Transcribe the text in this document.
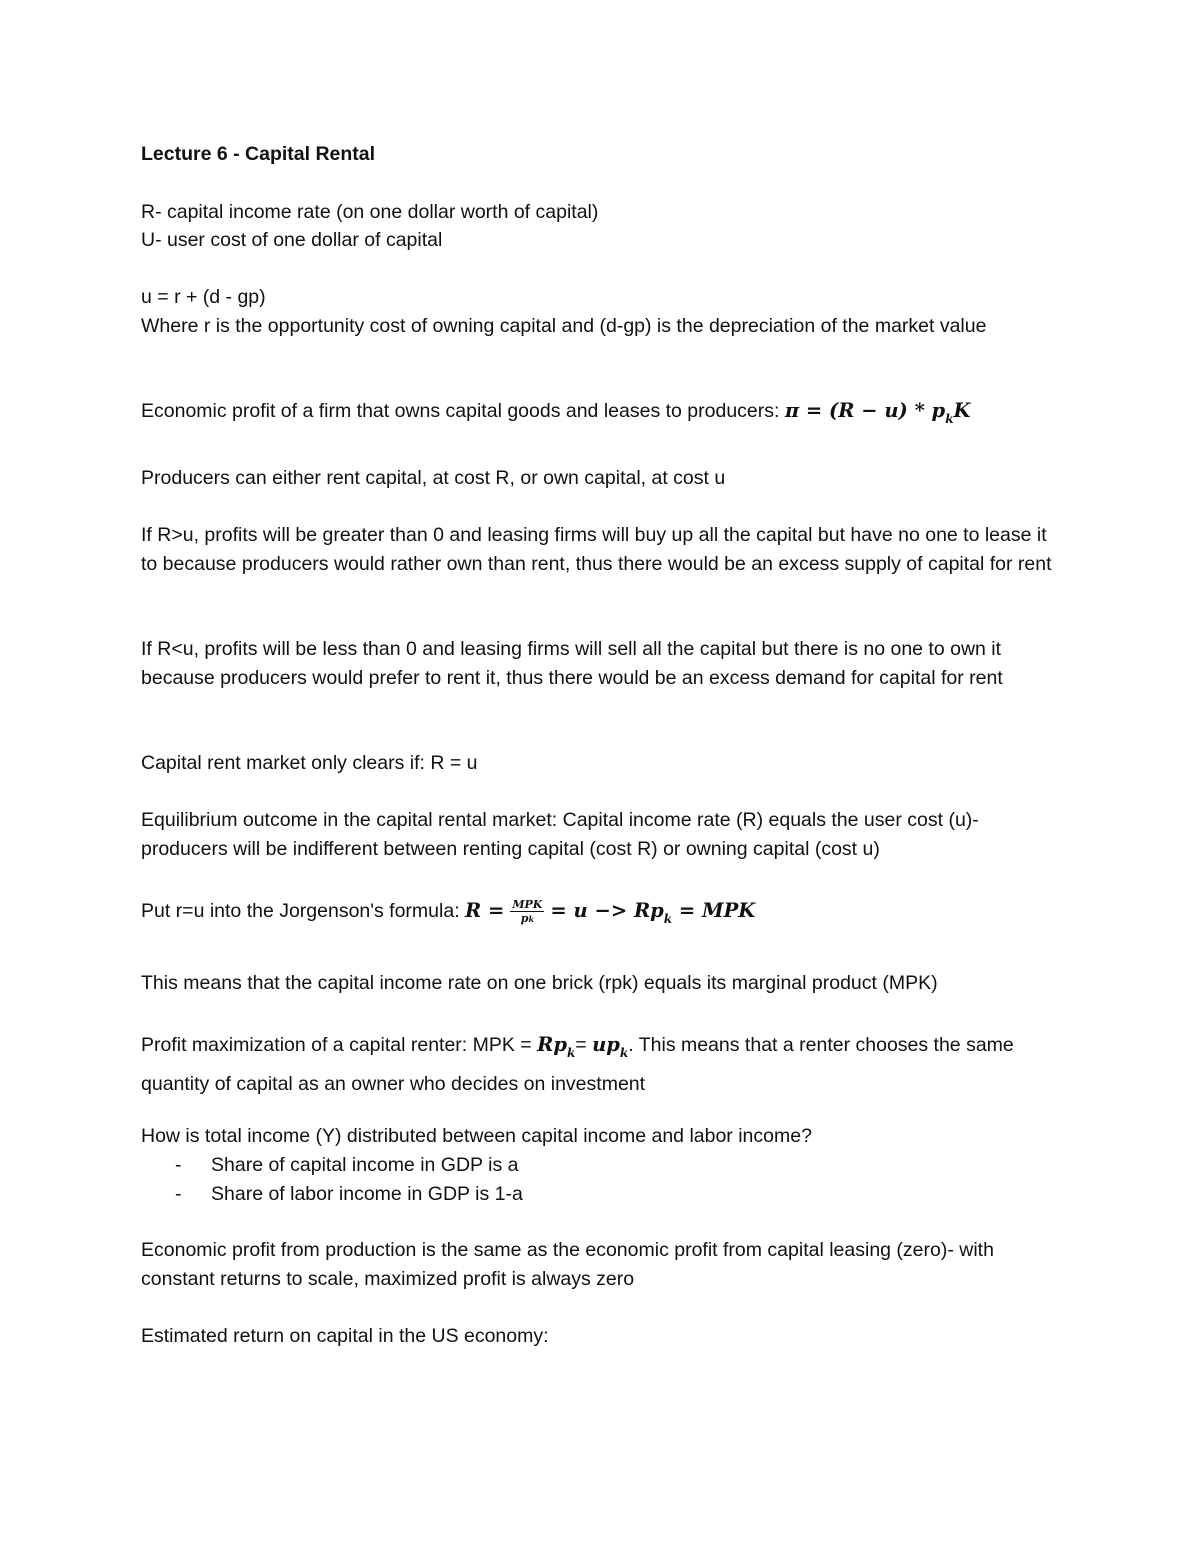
Lecture 6 - Capital Rental
R- capital income rate (on one dollar worth of capital)
U- user cost of one dollar of capital
u = r + (d - gp)
Where r is the opportunity cost of owning capital and (d-gp) is the depreciation of the market value
Economic profit of a firm that owns capital goods and leases to producers: $\pi = (R - u) * p_kK$
Producers can either rent capital, at cost R, or own capital, at cost u
If R>u, profits will be greater than 0 and leasing firms will buy up all the capital but have no one to lease it to because producers would rather own than rent, thus there would be an excess supply of capital for rent
If R<u, profits will be less than 0 and leasing firms will sell all the capital but there is no one to own it because producers would prefer to rent it, thus there would be an excess demand for capital for rent
Capital rent market only clears if: R = u
Equilibrium outcome in the capital rental market: Capital income rate (R) equals the user cost (u)- producers will be indifferent between renting capital (cost R) or owning capital (cost u)
Put r=u into the Jorgenson's formula: $R = \frac{\text{MPK}}{pk} = u -> Rp_k$ = MPK
This means that the capital income rate on one brick (rpk) equals its marginal product (MPK)
Profit maximization of a capital renter: MPK = $Rp_k= up_k$. This means that a renter chooses the same quantity of capital as an owner who decides on investment
How is total income (Y) distributed between capital income and labor income?
- Share of capital income in GDP is a
- Share of labor income in GDP is 1-a
Economic profit from production is the same as the economic profit from capital leasing (zero)- with constant returns to scale, maximized profit is always zero
Estimated return on capital in the US economy:
